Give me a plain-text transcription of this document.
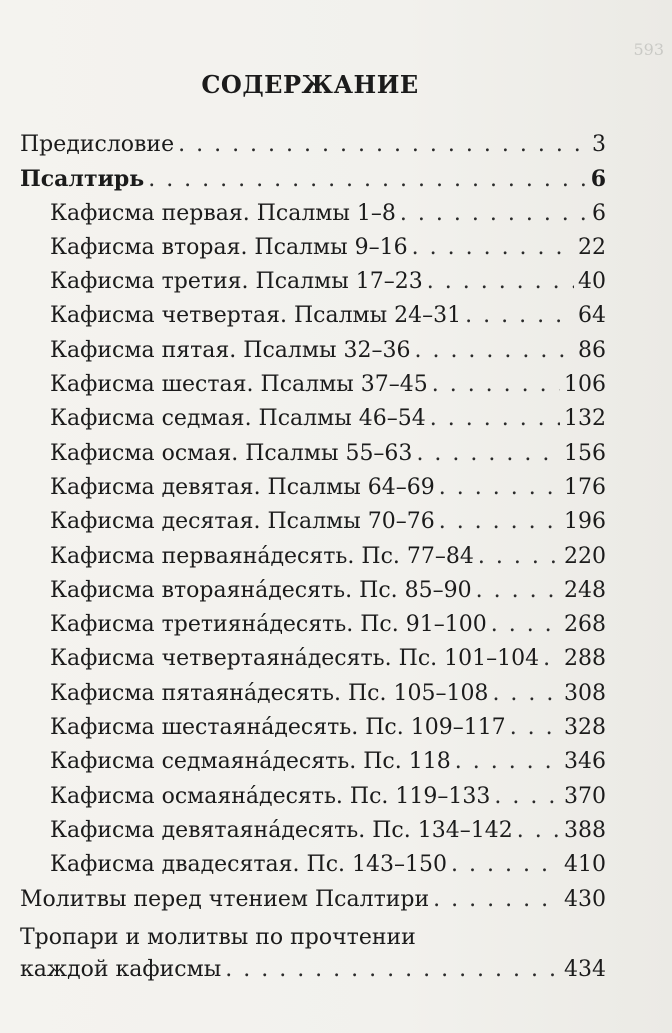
593
СОДЕРЖАНИЕ
Предисловие . . .	3
Псалтирь . . .	6
Кафисма первая. Псалмы 1–8 . . .	6
Кафисма вторая. Псалмы 9–16 . . .	22
Кафисма третия. Псалмы 17–23 . . .	40
Кафисма четвертая. Псалмы 24–31 . . .	64
Кафисма пятая. Псалмы 32–36 . . .	86
Кафисма шестая. Псалмы 37–45 . . .	106
Кафисма седмая. Псалмы 46–54 . . .	132
Кафисма осмая. Псалмы 55–63 . . .	156
Кафисма девятая. Псалмы 64–69 . . .	176
Кафисма десятая. Псалмы 70–76 . . .	196
Кафисма перваянáдесять. Пс. 77–84 . . .	220
Кафисма втораянáдесять. Пс. 85–90 . . .	248
Кафисма третиянáдесять. Пс. 91–100 . . .	268
Кафисма четвертаянáдесять. Пс. 101–104 . . . 288
Кафисма пятаянáдесять. Пс. 105–108 . . .	308
Кафисма шестаянáдесять. Пс. 109–117 . . .	328
Кафисма седмаянáдесять. Пс. 118 . . .	346
Кафисма осмаянáдесять. Пс. 119–133 . . .	370
Кафисма девятаянáдесять. Пс. 134–142 . . . 388
Кафисма двадесятая. Пс. 143–150 . . .	410
Молитвы перед чтением Псалтири . . .	430
Тропари и молитвы по прочтении
каждой кафисмы . . .	434
